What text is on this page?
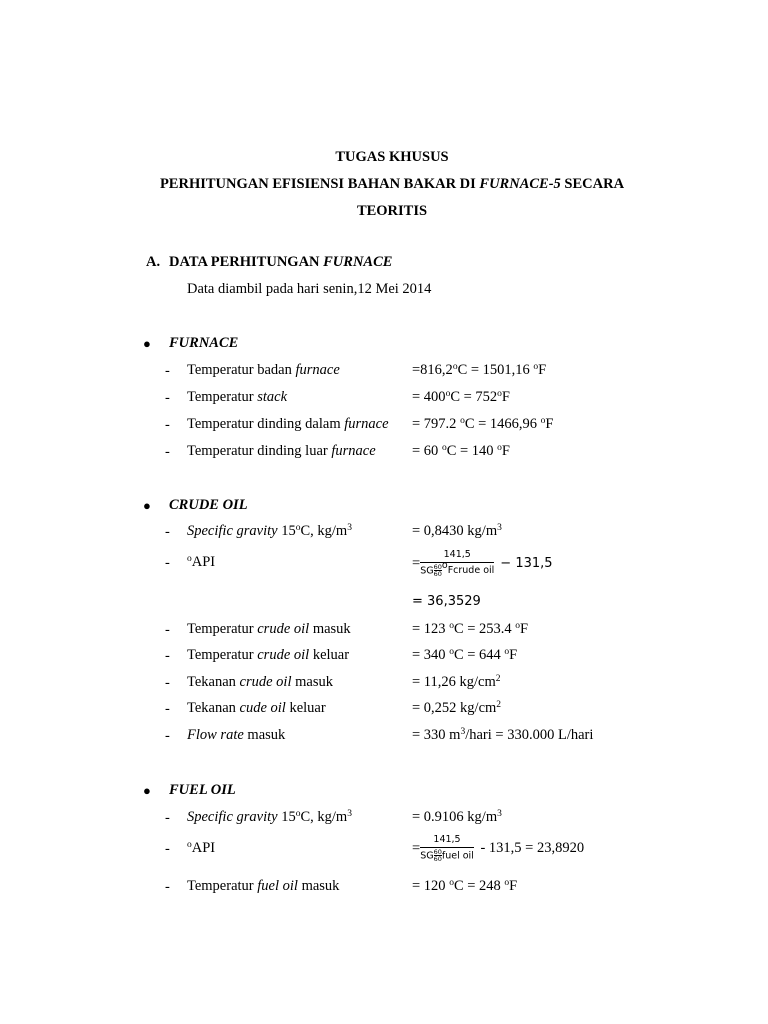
TUGAS KHUSUS
PERHITUNGAN EFISIENSI BAHAN BAKAR DI FURNACE-5 SECARA
TEORITIS
A. DATA PERHITUNGAN FURNACE
Data diambil pada hari senin,12 Mei 2014
● FURNACE
- Temperatur badan furnace	$=816,2^oC = 1501,16$ $^o$F
- Temperatur stack	= $400^oC = 752^oF$
- Temperatur dinding dalam furnace = 797.2 $^o$C = 1466,96 $^o$F
- Temperatur dinding luar furnace	= 60 $^o$C = 140 $^o$F
● CRUDE OIL
- Specific gravity 15$^o$C, $kg/m^3$	= 0,8430 $kg/m^3$
- $^o$API	= $\frac{141,5}{SG \frac{60}{60} ^oFcrude oil} - 131,5$
= 36,3529
- Temperatur crude oil masuk	= 123 $^o$C = 253.4 $^o$F
- Temperatur crude oil keluar	= 340 $^o$C = 644 $^o$F
- Tekanan crude oil masuk	= 11,26 $kg/cm^2$
- Tekanan cude oil keluar	= 0,252 $kg/cm^2$
- Flow rate masuk	= 330 $m^3$/hari = 330.000 L/hari
● FUEL OIL
- Specific gravity 15$^o$C, $kg/m^3$	= 0.9106 $kg/m^3$
- $^o$API	= $\frac{141,5}{SG \frac{60}{60} fuel oil} - 131,5 = 23,8920$
- Temperatur fuel oil masuk	= 120 $^o$C = 248 $^o$F
